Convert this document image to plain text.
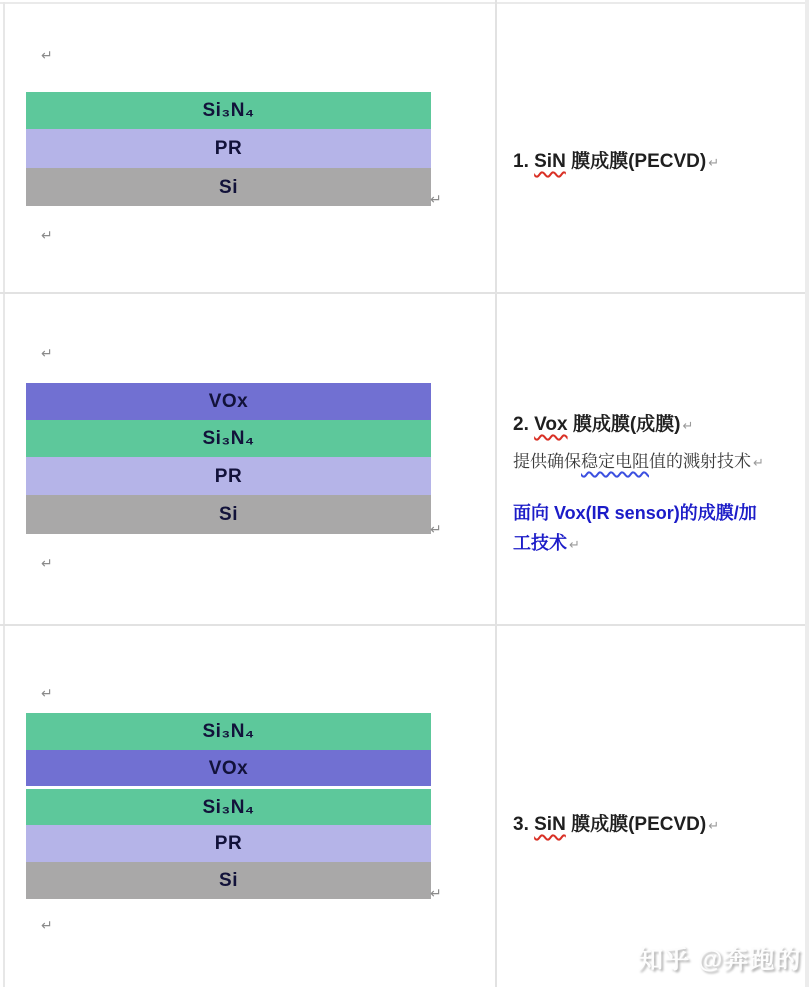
↵
Si₃N₄
PR
Si
↵
↵
1. SiN 膜成膜(PECVD) ↵
↵
VOx
Si₃N₄
PR
Si
↵
↵
2. Vox 膜成膜(成膜) ↵
提供确保稳定电阻值的溅射技术 ↵
面向 Vox(IR sensor)的成膜/加
工技术 ↵
↵
Si₃N₄
VOx
Si₃N₄
PR
Si
↵
↵
3. SiN 膜成膜(PECVD) ↵
知乎 @奔跑的
